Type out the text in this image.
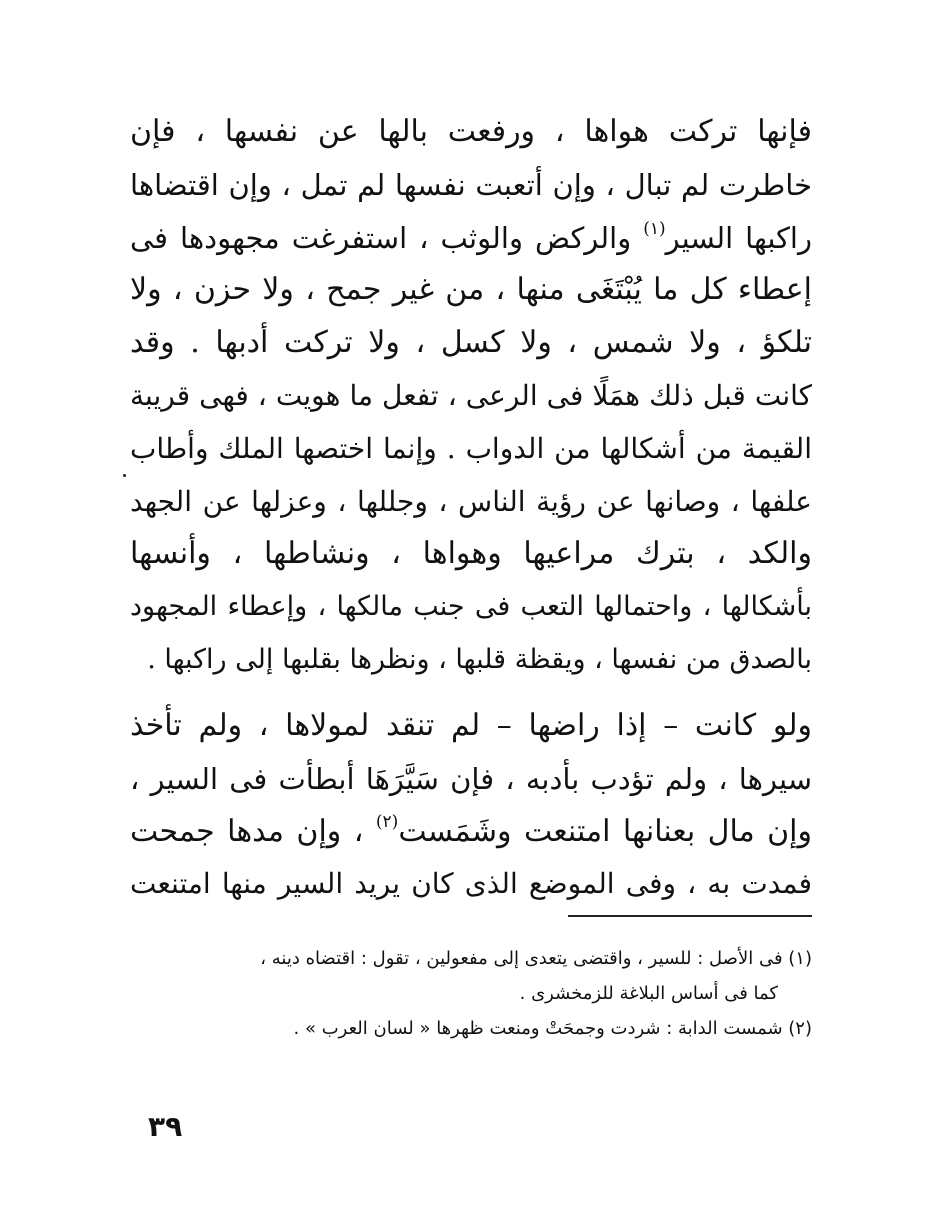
فإنها تركت هواها ، ورفعت بالها عن نفسها ، فإن
خاطرت لم تبال ، وإن أتعبت نفسها لم تمل ، وإن اقتضاها
راكبها السير$^{(١)}$ والركض والوثب ، استفرغت مجهودها فى
إعطاء كل ما يُبْتَغَى منها ، من غير جمح ، ولا حزن ، ولا
تلكؤ ، ولا شمس ، ولا كسل ، ولا تركت أدبها . وقد
كانت قبل ذلك همَلًا فى الرعى ، تفعل ما هويت ، فهى قريبة
القيمة من أشكالها من الدواب . وإنما اختصها الملك وأطاب
علفها ، وصانها عن رؤية الناس ، وجللها ، وعزلها عن الجهد
والكد ، بترك مراعيها وهواها ، ونشاطها ، وأنسها
بأشكالها ، واحتمالها التعب فى جنب مالكها ، وإعطاء المجهود
بالصدق من نفسها ، ويقظة قلبها ، ونظرها بقلبها إلى راكبها .
ولو كانت – إذا راضها – لم تنقد لمولاها ، ولم تأخذ
سيرها ، ولم تؤدب بأدبه ، فإن سَيَّرَهَا أبطأت فى السير ،
وإن مال بعنانها امتنعت وشَمَست$^{(٢)}$ ، وإن مدها جمحت
فمدت به ، وفى الموضع الذى كان يريد السير منها امتنعت
(١) فى الأصل : للسير ، واقتضى يتعدى إلى مفعولين ، تقول : اقتضاه دينه ،
كما فى أساس البلاغة للزمخشرى .
(٢) شمست الدابة : شردت وجمحَتْ ومنعت ظهرها « لسان العرب » .
٣٩
